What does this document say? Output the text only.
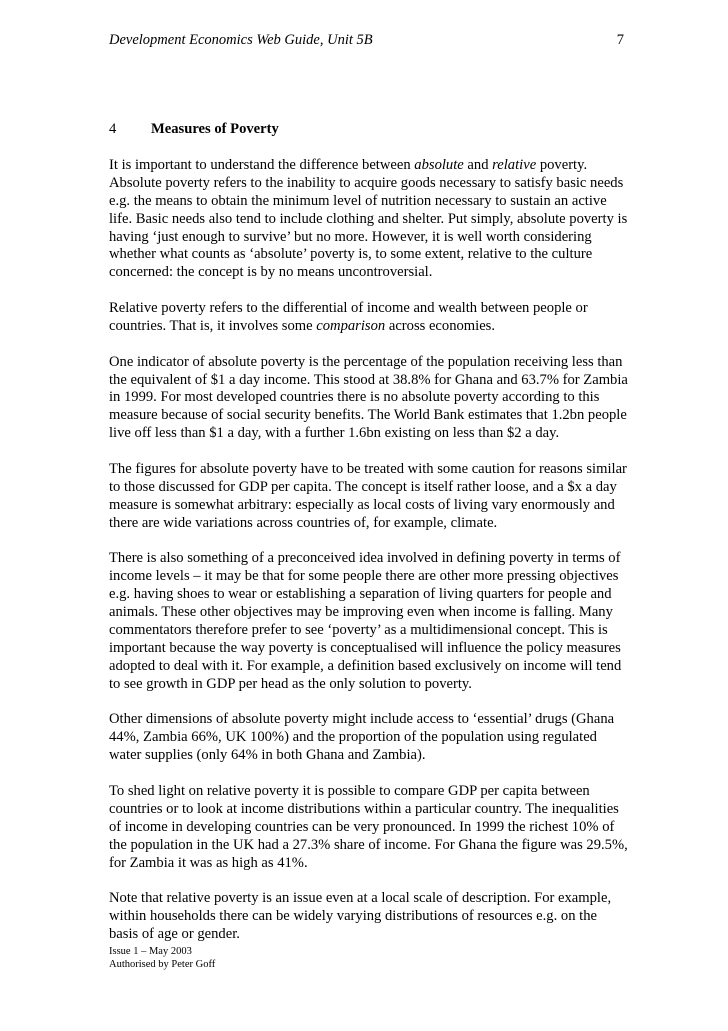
Development Economics Web Guide, Unit 5B	7
4 Measures of Poverty

It is important to understand the difference between absolute and relative poverty. Absolute poverty refers to the inability to acquire goods necessary to satisfy basic needs e.g. the means to obtain the minimum level of nutrition necessary to sustain an active life. Basic needs also tend to include clothing and shelter. Put simply, absolute poverty is having ‘just enough to survive’ but no more. However, it is well worth considering whether what counts as ‘absolute’ poverty is, to some extent, relative to the culture concerned: the concept is by no means uncontroversial.

Relative poverty refers to the differential of income and wealth between people or countries. That is, it involves some comparison across economies.

One indicator of absolute poverty is the percentage of the population receiving less than the equivalent of $1 a day income. This stood at 38.8% for Ghana and 63.7% for Zambia in 1999. For most developed countries there is no absolute poverty according to this measure because of social security benefits. The World Bank estimates that 1.2bn people live off less than $1 a day, with a further 1.6bn existing on less than $2 a day.

The figures for absolute poverty have to be treated with some caution for reasons similar to those discussed for GDP per capita. The concept is itself rather loose, and a $x a day measure is somewhat arbitrary: especially as local costs of living vary enormously and there are wide variations across countries of, for example, climate.

There is also something of a preconceived idea involved in defining poverty in terms of income levels – it may be that for some people there are other more pressing objectives e.g. having shoes to wear or establishing a separation of living quarters for people and animals. These other objectives may be improving even when income is falling. Many commentators therefore prefer to see ‘poverty’ as a multidimensional concept. This is important because the way poverty is conceptualised will influence the policy measures adopted to deal with it. For example, a definition based exclusively on income will tend to see growth in GDP per head as the only solution to poverty.

Other dimensions of absolute poverty might include access to ‘essential’ drugs (Ghana 44%, Zambia 66%, UK 100%) and the proportion of the population using regulated water supplies (only 64% in both Ghana and Zambia).

To shed light on relative poverty it is possible to compare GDP per capita between countries or to look at income distributions within a particular country. The inequalities of income in developing countries can be very pronounced. In 1999 the richest 10% of the population in the UK had a 27.3% share of income. For Ghana the figure was 29.5%, for Zambia it was as high as 41%.

Note that relative poverty is an issue even at a local scale of description. For example, within households there can be widely varying distributions of resources e.g. on the basis of age or gender.

Issue 1 – May 2003
Authorised by Peter Goff
